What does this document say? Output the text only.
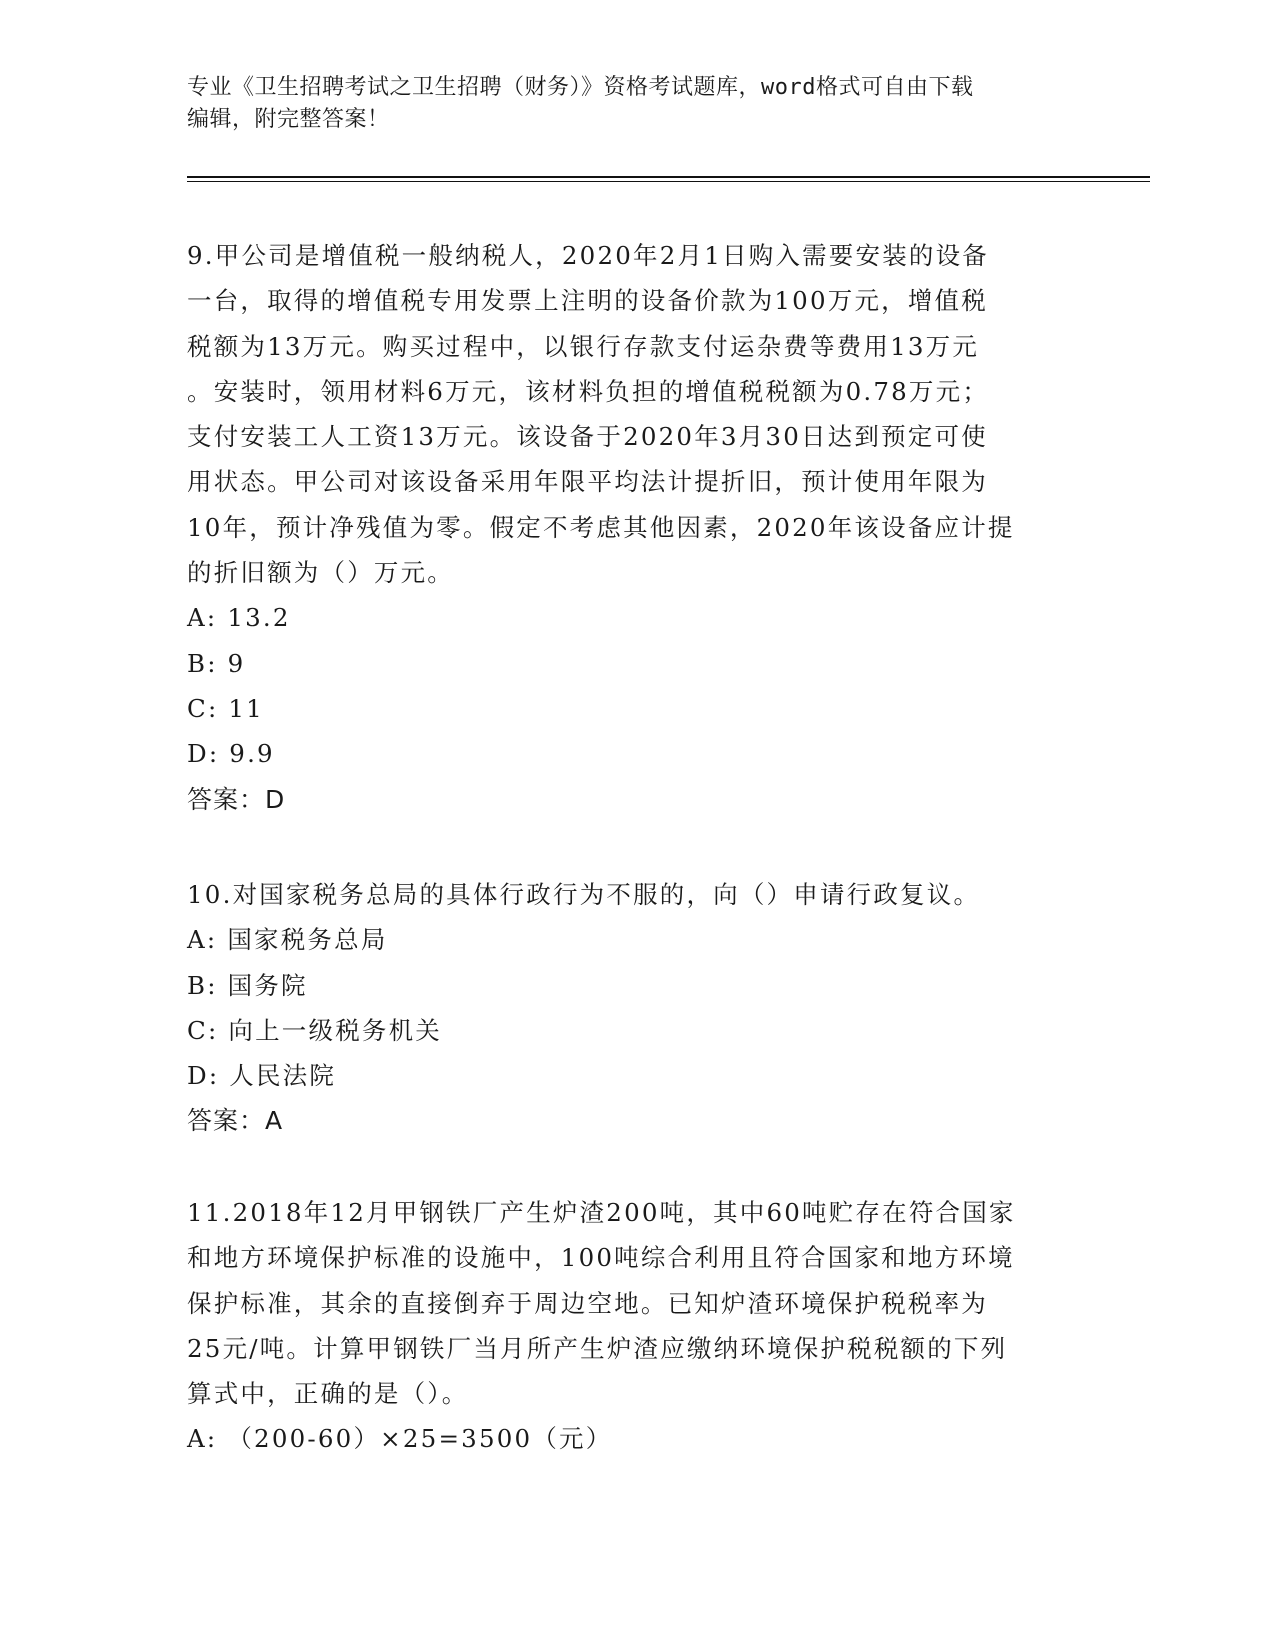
专业《卫生招聘考试之卫生招聘（财务）》资格考试题库，word格式可自由下载
编辑，附完整答案！

9.甲公司是增值税一般纳税人，2020年2月1日购入需要安装的设备

一台，取得的增值税专用发票上注明的设备价款为100万元，增值税

税额为13万元。购买过程中，以银行存款支付运杂费等费用13万元

。安装时，领用材料6万元，该材料负担的增值税税额为0.78万元；

支付安装工人工资13万元。该设备于2020年3月30日达到预定可使

用状态。甲公司对该设备采用年限平均法计提折旧，预计使用年限为

10年，预计净残值为零。假定不考虑其他因素，2020年该设备应计提

的折旧额为（）万元。

A: 13.2

B: 9

C: 11

D: 9.9

答案：D

10.对国家税务总局的具体行政行为不服的，向（）申请行政复议。

A: 国家税务总局

B: 国务院

C: 向上一级税务机关

D: 人民法院

答案：A

11.2018年12月甲钢铁厂产生炉渣200吨，其中60吨贮存在符合国家

和地方环境保护标准的设施中，100吨综合利用且符合国家和地方环境

保护标准，其余的直接倒弃于周边空地。已知炉渣环境保护税税率为

25元/吨。计算甲钢铁厂当月所产生炉渣应缴纳环境保护税税额的下列

算式中，正确的是（）。

A: （200-60）×25=3500（元）
